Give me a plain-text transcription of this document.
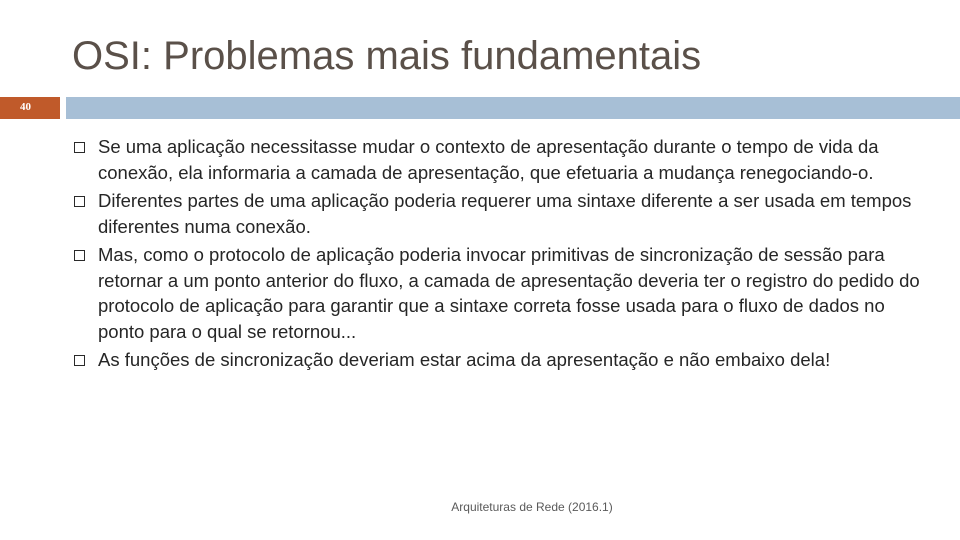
OSI: Problemas mais fundamentais
40
Se uma aplicação necessitasse mudar o contexto de apresentação durante o tempo de vida da conexão, ela informaria a camada de apresentação, que efetuaria a mudança renegociando-o.
Diferentes partes de uma aplicação poderia requerer uma sintaxe diferente a ser usada em tempos diferentes numa conexão.
Mas, como o protocolo de aplicação poderia invocar primitivas de sincronização de sessão para retornar a um ponto anterior do fluxo, a camada de apresentação deveria ter o registro do pedido do protocolo de aplicação para garantir que a sintaxe correta fosse usada para o fluxo de dados no ponto para o qual se retornou...
As funções de sincronização deveriam estar acima da apresentação e não embaixo dela!
Arquiteturas de Rede (2016.1)
